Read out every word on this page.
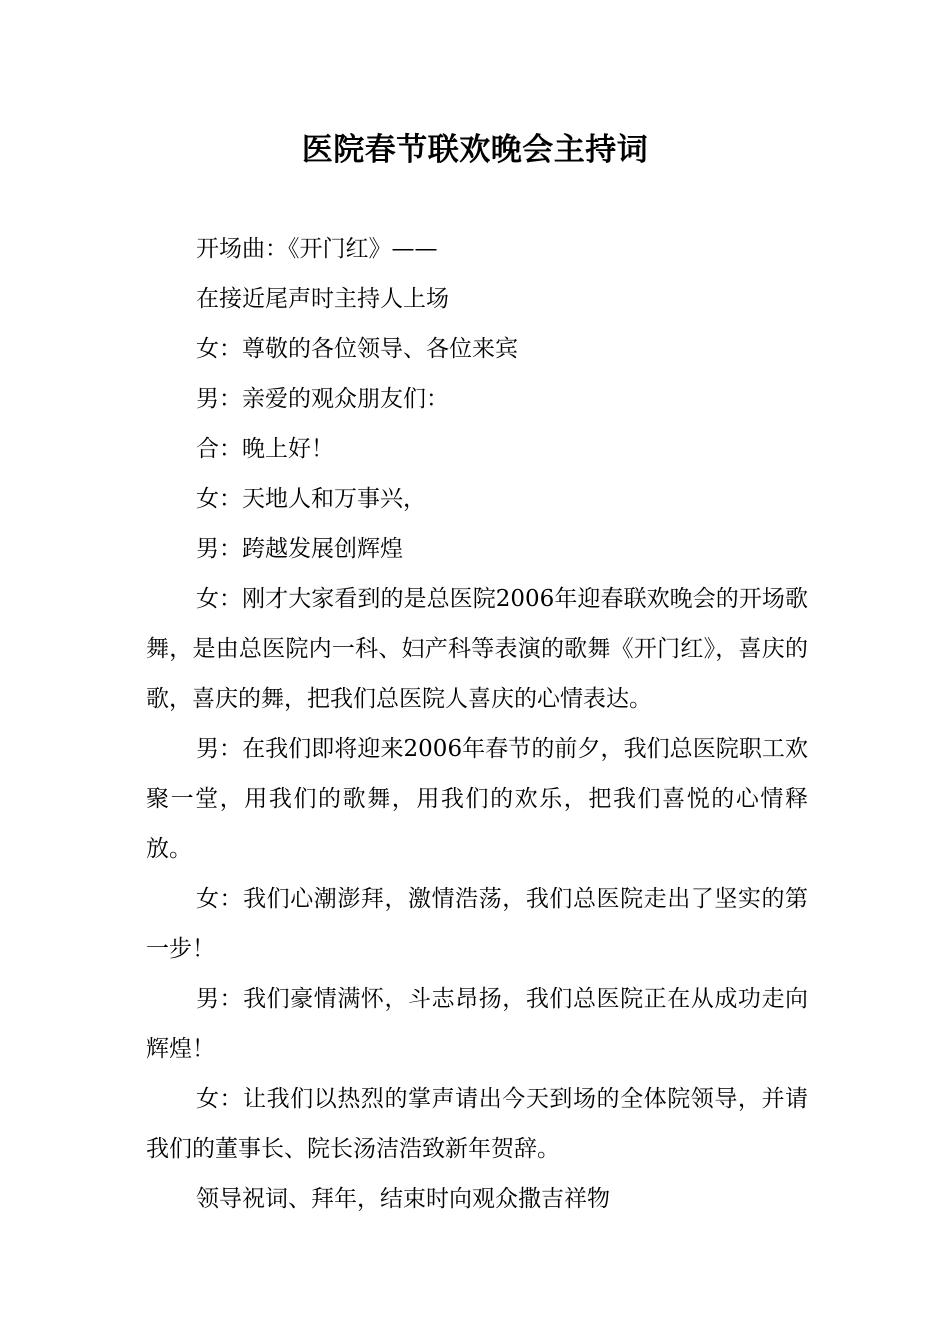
医院春节联欢晚会主持词

开场曲：《开门红》——

在接近尾声时主持人上场

女：尊敬的各位领导、各位来宾

男：亲爱的观众朋友们：

合：晚上好！

女：天地人和万事兴，

男：跨越发展创辉煌

女：刚才大家看到的是总医院2006年迎春联欢晚会的开场歌舞，是由总医院内一科、妇产科等表演的歌舞《开门红》，喜庆的歌，喜庆的舞，把我们总医院人喜庆的心情表达。

男：在我们即将迎来2006年春节的前夕，我们总医院职工欢聚一堂，用我们的歌舞，用我们的欢乐，把我们喜悦的心情释放。

女：我们心潮澎拜，激情浩荡，我们总医院走出了坚实的第一步！

男：我们豪情满怀，斗志昂扬，我们总医院正在从成功走向辉煌！

女：让我们以热烈的掌声请出今天到场的全体院领导，并请我们的董事长、院长汤洁浩致新年贺辞。

领导祝词、拜年，结束时向观众撒吉祥物
